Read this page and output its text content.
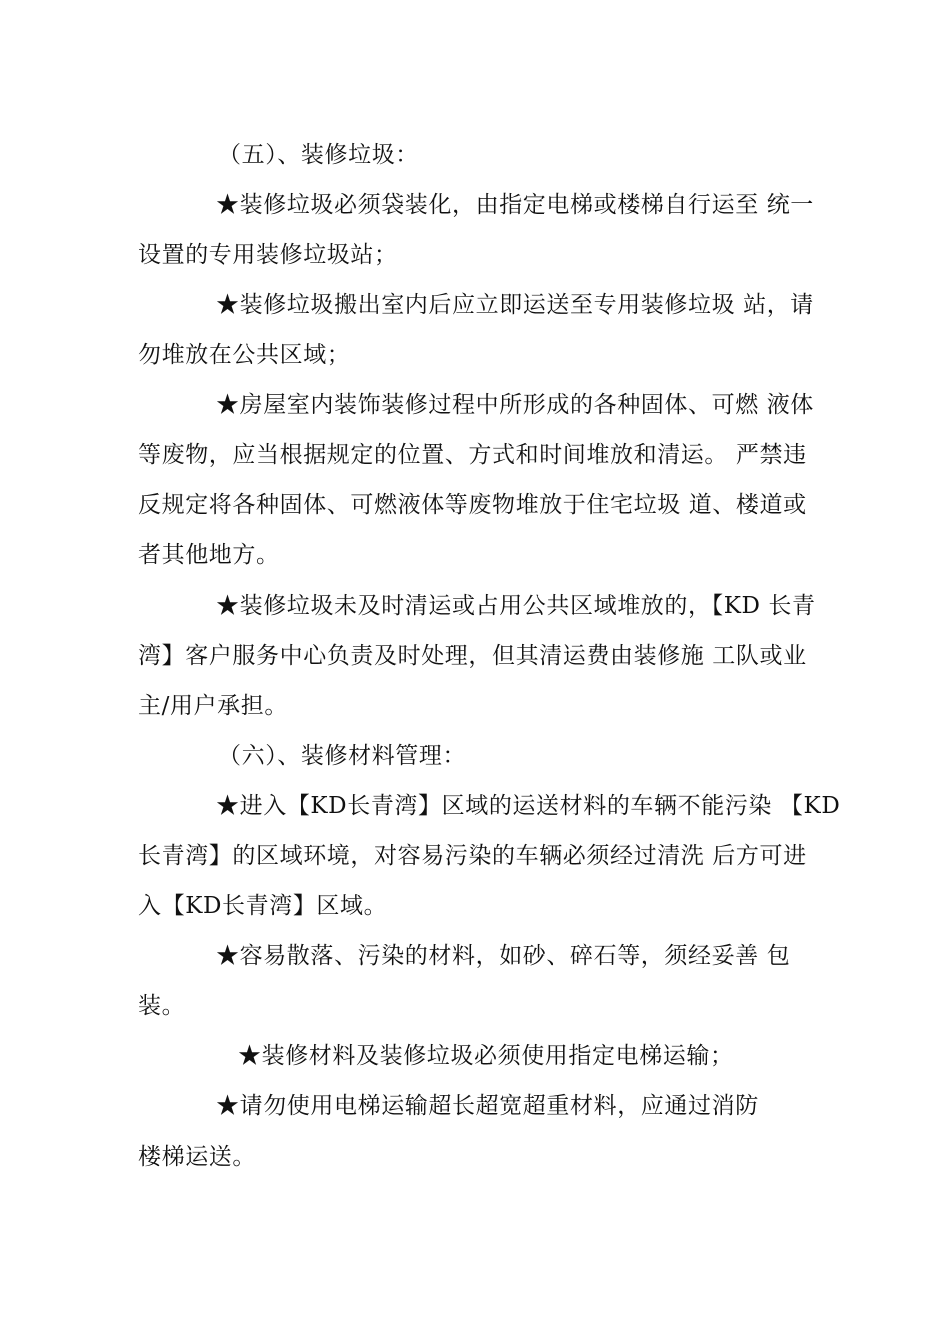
（五）、装修垃圾：
★装修垃圾必须袋装化，由指定电梯或楼梯自行运至 统一
设置的专用装修垃圾站；
★装修垃圾搬出室内后应立即运送至专用装修垃圾 站，请
勿堆放在公共区域；
★房屋室内装饰装修过程中所形成的各种固体、可燃 液体
等废物，应当根据规定的位置、方式和时间堆放和清运。 严禁违
反规定将各种固体、可燃液体等废物堆放于住宅垃圾 道、楼道或
者其他地方。
★装修垃圾未及时清运或占用公共区域堆放的，【KD 长青
湾】客户服务中心负责及时处理，但其清运费由装修施 工队或业
主/用户承担。
（六）、装修材料管理：
★进入【KD长青湾】区域的运送材料的车辆不能污染 【KD
长青湾】的区域环境，对容易污染的车辆必须经过清洗 后方可进
入【KD长青湾】区域。
★容易散落、污染的材料，如砂、碎石等，须经妥善 包
装。
★装修材料及装修垃圾必须使用指定电梯运输；
★请勿使用电梯运输超长超宽超重材料，应通过消防
楼梯运送。
